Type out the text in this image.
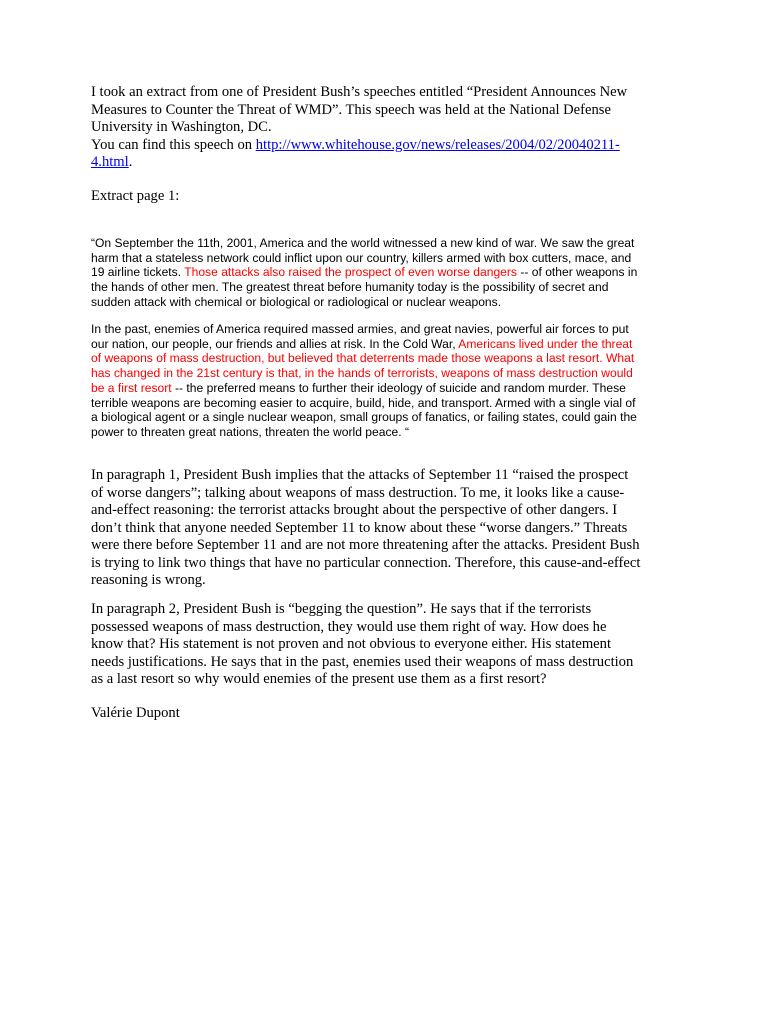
I took an extract from one of President Bush’s speeches entitled “President Announces New
Measures to Counter the Threat of WMD”. This speech was held at the National Defense
University in Washington, DC.
You can find this speech on http://www.whitehouse.gov/news/releases/2004/02/20040211-
4.html.
Extract page 1:
“On September the 11th, 2001, America and the world witnessed a new kind of war. We saw the great
harm that a stateless network could inflict upon our country, killers armed with box cutters, mace, and
19 airline tickets. Those attacks also raised the prospect of even worse dangers -- of other weapons in
the hands of other men. The greatest threat before humanity today is the possibility of secret and
sudden attack with chemical or biological or radiological or nuclear weapons.
In the past, enemies of America required massed armies, and great navies, powerful air forces to put
our nation, our people, our friends and allies at risk. In the Cold War, Americans lived under the threat
of weapons of mass destruction, but believed that deterrents made those weapons a last resort. What
has changed in the 21st century is that, in the hands of terrorists, weapons of mass destruction would
be a first resort -- the preferred means to further their ideology of suicide and random murder. These
terrible weapons are becoming easier to acquire, build, hide, and transport. Armed with a single vial of
a biological agent or a single nuclear weapon, small groups of fanatics, or failing states, could gain the
power to threaten great nations, threaten the world peace. “
In paragraph 1, President Bush implies that the attacks of September 11 “raised the prospect
of worse dangers”; talking about weapons of mass destruction. To me, it looks like a cause-
and-effect reasoning: the terrorist attacks brought about the perspective of other dangers. I
don’t think that anyone needed September 11 to know about these “worse dangers.” Threats
were there before September 11 and are not more threatening after the attacks. President Bush
is trying to link two things that have no particular connection. Therefore, this cause-and-effect
reasoning is wrong.
In paragraph 2, President Bush is “begging the question”. He says that if the terrorists
possessed weapons of mass destruction, they would use them right of way. How does he
know that? His statement is not proven and not obvious to everyone either. His statement
needs justifications. He says that in the past, enemies used their weapons of mass destruction
as a last resort so why would enemies of the present use them as a first resort?
Valérie Dupont
